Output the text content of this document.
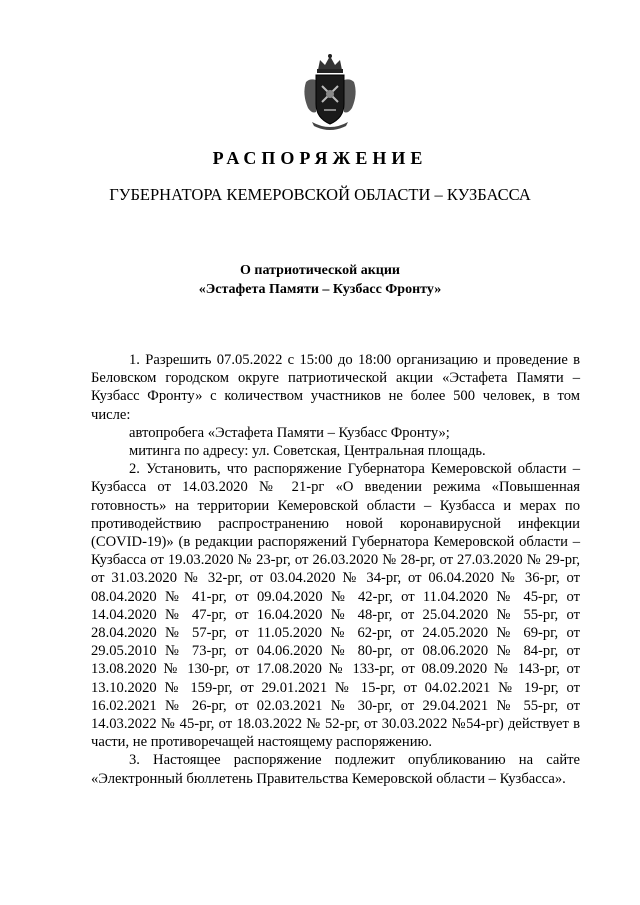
РАСПОРЯЖЕНИЕ
ГУБЕРНАТОРА КЕМЕРОВСКОЙ ОБЛАСТИ – КУЗБАССА
О патриотической акции
«Эстафета Памяти – Кузбасс Фронту»

1. Разрешить 07.05.2022 с 15:00 до 18:00 организацию и проведение в Беловском городском округе патриотической акции «Эстафета Памяти – Кузбасс Фронту» с количеством участников не более 500 человек, в том числе:

автопробега «Эстафета Памяти – Кузбасс Фронту»;

митинга по адресу: ул. Советская, Центральная площадь.

2. Установить, что распоряжение Губернатора Кемеровской области – Кузбасса от 14.03.2020 № 21-рг «О введении режима «Повышенная готовность» на территории Кемеровской области – Кузбасса и мерах по противодействию распространению новой коронавирусной инфекции (COVID-19)» (в редакции распоряжений Губернатора Кемеровской области – Кузбасса от 19.03.2020 № 23-рг, от 26.03.2020 № 28-рг, от 27.03.2020 № 29-рг, от 31.03.2020 № 32-рг, от 03.04.2020 № 34-рг, от 06.04.2020 № 36-рг, от 08.04.2020 № 41-рг, от 09.04.2020 № 42-рг, от 11.04.2020 № 45-рг, от 14.04.2020 № 47-рг, от 16.04.2020 № 48-рг, от 25.04.2020 № 55-рг, от 28.04.2020 № 57-рг, от 11.05.2020 № 62-рг, от 24.05.2020 № 69-рг, от 29.05.2010 № 73-рг, от 04.06.2020 № 80-рг, от 08.06.2020 № 84-рг, от 13.08.2020 № 130-рг, от 17.08.2020 № 133-рг, от 08.09.2020 № 143-рг, от 13.10.2020 № 159-рг, от 29.01.2021 № 15-рг, от 04.02.2021 № 19-рг, от 16.02.2021 № 26-рг, от 02.03.2021 № 30-рг, от 29.04.2021 № 55-рг, от 14.03.2022 № 45-рг, от 18.03.2022 № 52-рг, от 30.03.2022 №54-рг) действует в части, не противоречащей настоящему распоряжению.

3. Настоящее распоряжение подлежит опубликованию на сайте «Электронный бюллетень Правительства Кемеровской области – Кузбасса».
